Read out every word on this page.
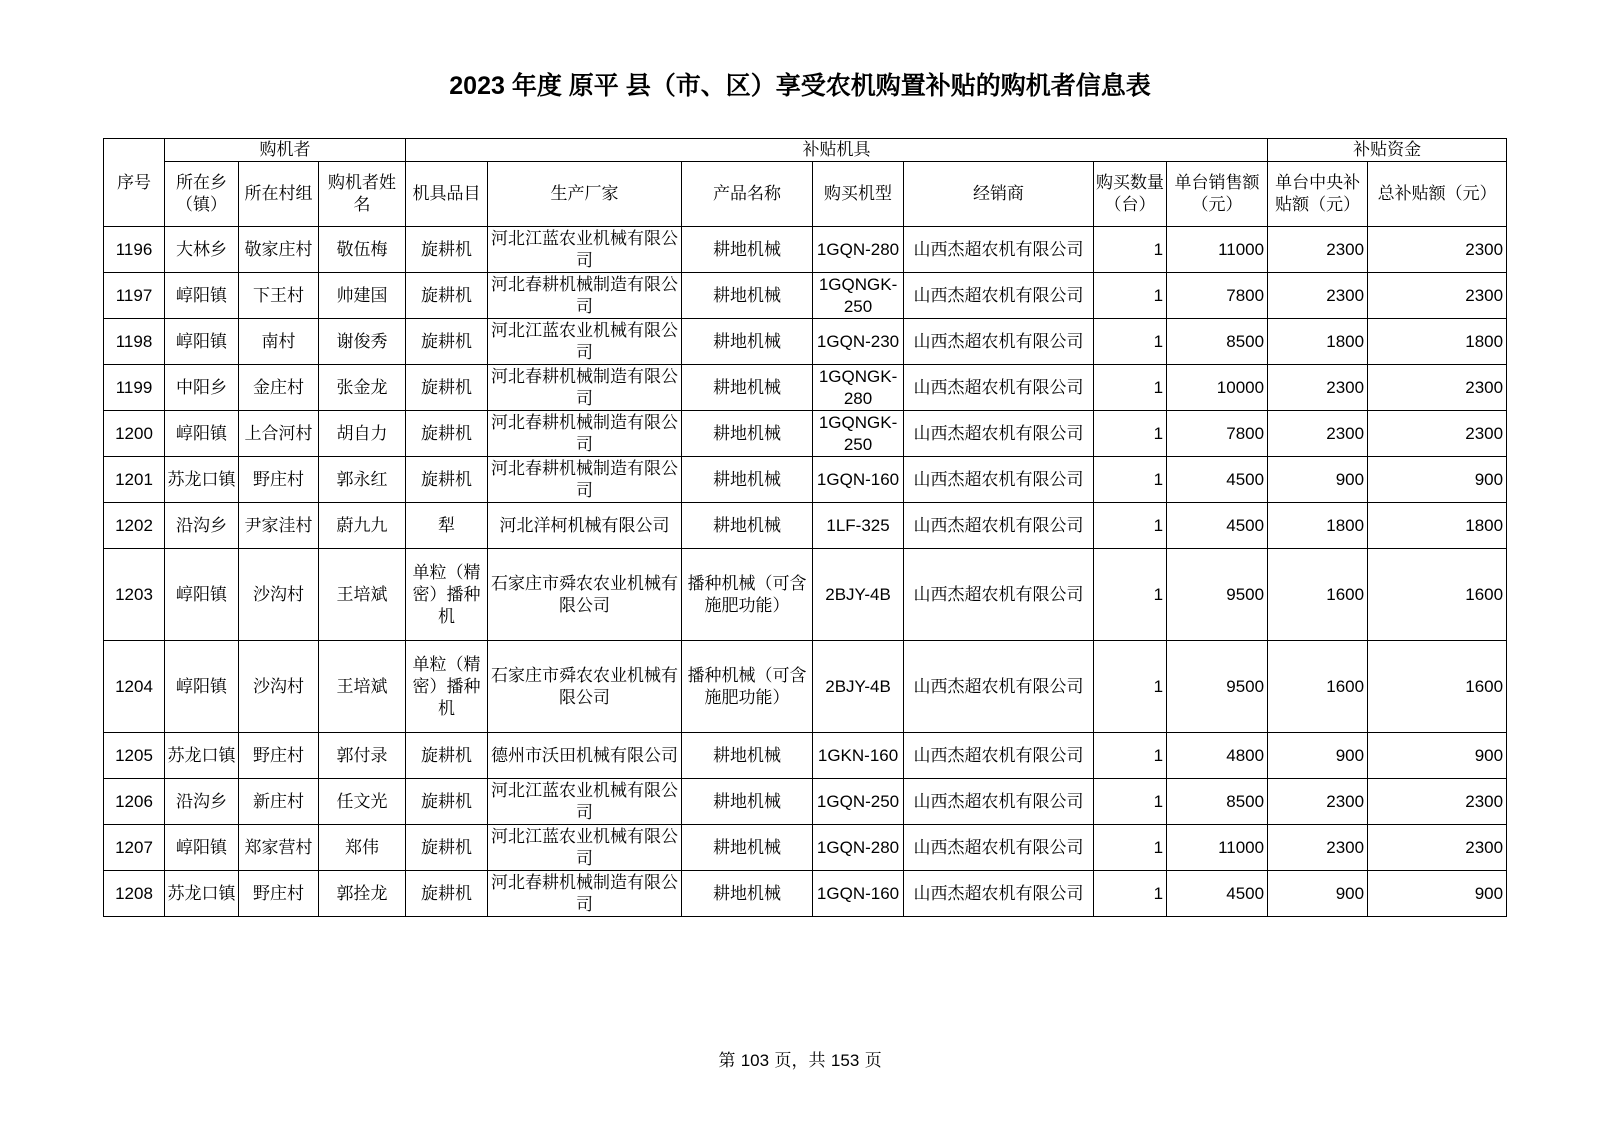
2023 年度 原平 县（市、区）享受农机购置补贴的购机者信息表
序号	购机者			补贴机具							补贴资金	
	所在乡（镇）	所在村组	购机者姓名	机具品目	生产厂家	产品名称	购买机型	经销商	购买数量（台）	单台销售额（元）	单台中央补贴额（元）	总补贴额（元）
1196	大林乡	敬家庄村	敬伍梅	旋耕机	河北江蓝农业机械有限公司	耕地机械	1GQN-280	山西杰超农机有限公司	1	11000	2300	2300
1197	崞阳镇	下王村	帅建国	旋耕机	河北春耕机械制造有限公司	耕地机械	1GQNGK-250	山西杰超农机有限公司	1	7800	2300	2300
1198	崞阳镇	南村	谢俊秀	旋耕机	河北江蓝农业机械有限公司	耕地机械	1GQN-230	山西杰超农机有限公司	1	8500	1800	1800
1199	中阳乡	金庄村	张金龙	旋耕机	河北春耕机械制造有限公司	耕地机械	1GQNGK-280	山西杰超农机有限公司	1	10000	2300	2300
1200	崞阳镇	上合河村	胡自力	旋耕机	河北春耕机械制造有限公司	耕地机械	1GQNGK-250	山西杰超农机有限公司	1	7800	2300	2300
1201	苏龙口镇	野庄村	郭永红	旋耕机	河北春耕机械制造有限公司	耕地机械	1GQN-160	山西杰超农机有限公司	1	4500	900	900
1202	沿沟乡	尹家洼村	蔚九九	犁	河北洋柯机械有限公司	耕地机械	1LF-325	山西杰超农机有限公司	1	4500	1800	1800
1203	崞阳镇	沙沟村	王培斌	单粒（精密）播种机	石家庄市舜农农业机械有限公司	播种机械（可含施肥功能）	2BJY-4B	山西杰超农机有限公司	1	9500	1600	1600
1204	崞阳镇	沙沟村	王培斌	单粒（精密）播种机	石家庄市舜农农业机械有限公司	播种机械（可含施肥功能）	2BJY-4B	山西杰超农机有限公司	1	9500	1600	1600
1205	苏龙口镇	野庄村	郭付录	旋耕机	德州市沃田机械有限公司	耕地机械	1GKN-160	山西杰超农机有限公司	1	4800	900	900
1206	沿沟乡	新庄村	任文光	旋耕机	河北江蓝农业机械有限公司	耕地机械	1GQN-250	山西杰超农机有限公司	1	8500	2300	2300
1207	崞阳镇	郑家营村	郑伟	旋耕机	河北江蓝农业机械有限公司	耕地机械	1GQN-280	山西杰超农机有限公司	1	11000	2300	2300
1208	苏龙口镇	野庄村	郭拴龙	旋耕机	河北春耕机械制造有限公司	耕地机械	1GQN-160	山西杰超农机有限公司	1	4500	900	900
第 103 页，共 153 页
